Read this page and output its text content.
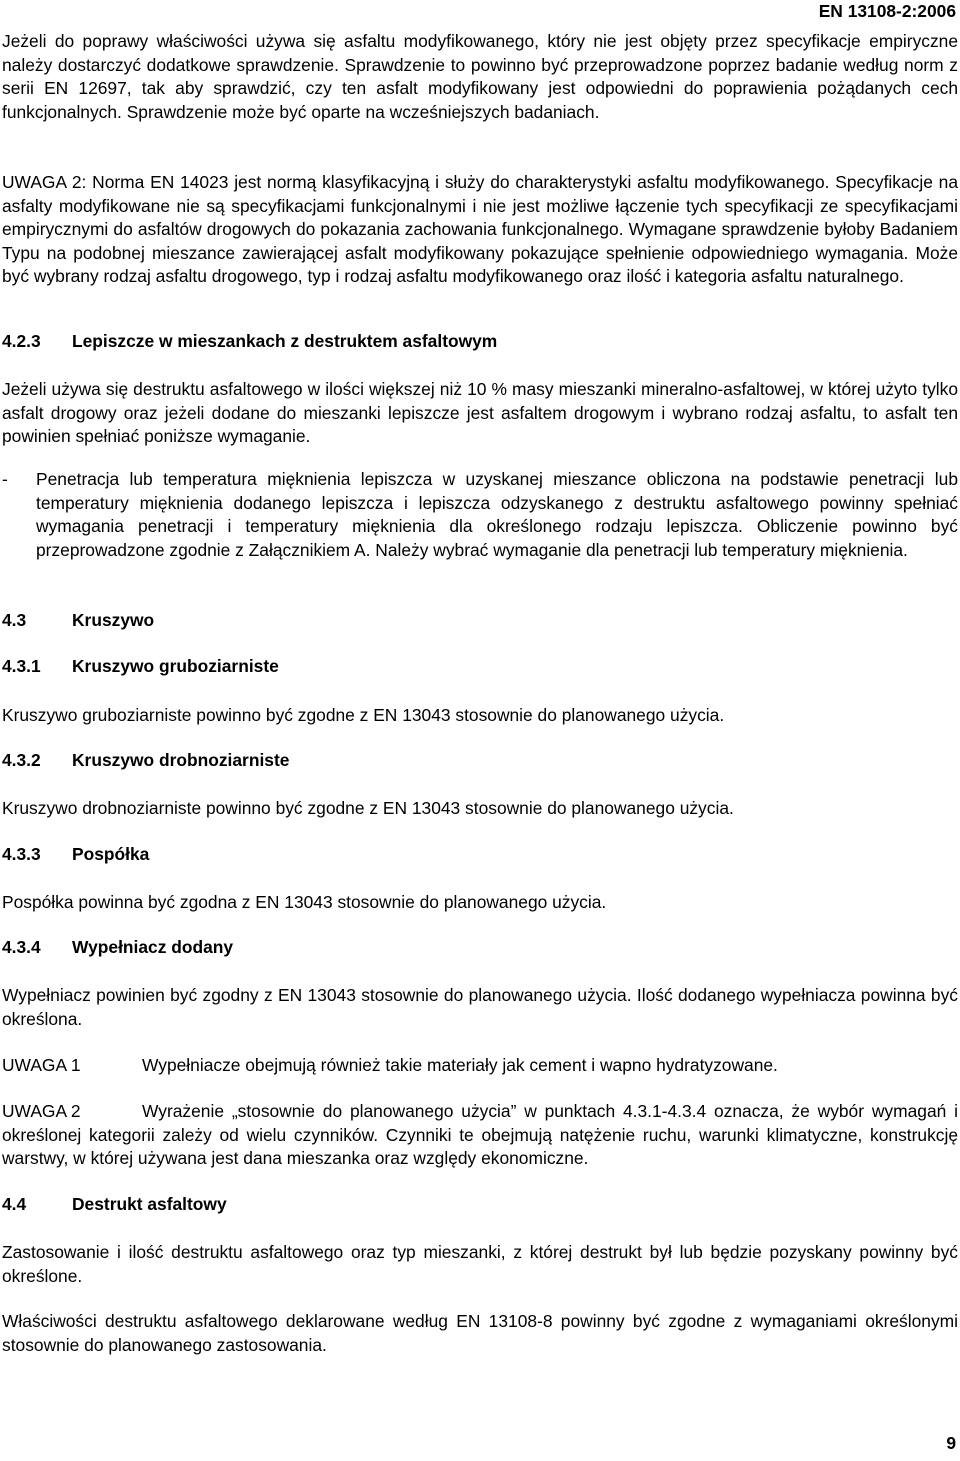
EN 13108-2:2006

Jeżeli do poprawy właściwości używa się asfaltu modyfikowanego, który nie jest objęty przez specyfikacje empiryczne należy dostarczyć dodatkowe sprawdzenie. Sprawdzenie to powinno być przeprowadzone poprzez badanie według norm z serii EN 12697, tak aby sprawdzić, czy ten asfalt modyfikowany jest odpowiedni do poprawienia pożądanych cech funkcjonalnych. Sprawdzenie może być oparte na wcześniejszych badaniach.

UWAGA 2: Norma EN 14023 jest normą klasyfikacyjną i służy do charakterystyki asfaltu modyfikowanego. Specyfikacje na asfalty modyfikowane nie są specyfikacjami funkcjonalnymi i nie jest możliwe łączenie tych specyfikacji ze specyfikacjami empirycznymi do asfaltów drogowych do pokazania zachowania funkcjonalnego. Wymagane sprawdzenie byłoby Badaniem Typu na podobnej mieszance zawierającej asfalt modyfikowany pokazujące spełnienie odpowiedniego wymagania. Może być wybrany rodzaj asfaltu drogowego, typ i rodzaj asfaltu modyfikowanego oraz ilość i kategoria asfaltu naturalnego.

4.2.3 Lepiszcze w mieszankach z destruktem asfaltowym

Jeżeli używa się destruktu asfaltowego w ilości większej niż 10 % masy mieszanki mineralno-asfaltowej, w której użyto tylko asfalt drogowy oraz jeżeli dodane do mieszanki lepiszcze jest asfaltem drogowym i wybrano rodzaj asfaltu, to asfalt ten powinien spełniać poniższe wymaganie.

- Penetracja lub temperatura mięknienia lepiszcza w uzyskanej mieszance obliczona na podstawie penetracji lub temperatury mięknienia dodanego lepiszcza i lepiszcza odzyskanego z destruktu asfaltowego powinny spełniać wymagania penetracji i temperatury mięknienia dla określonego rodzaju lepiszcza. Obliczenie powinno być przeprowadzone zgodnie z Załącznikiem A. Należy wybrać wymaganie dla penetracji lub temperatury mięknienia.

4.3	Kruszywo
4.3.1 Kruszywo gruboziarniste

Kruszywo gruboziarniste powinno być zgodne z EN 13043 stosownie do planowanego użycia.

4.3.2 Kruszywo drobnoziarniste

Kruszywo drobnoziarniste powinno być zgodne z EN 13043 stosownie do planowanego użycia.

4.3.3 Pospółka

Pospółka powinna być zgodna z EN 13043 stosownie do planowanego użycia.

4.3.4 Wypełniacz dodany

Wypełniacz powinien być zgodny z EN 13043 stosownie do planowanego użycia. Ilość dodanego wypełniacza powinna być określona.

UWAGA 1	Wypełniacze obejmują również takie materiały jak cement i wapno hydratyzowane.

UWAGA 2	Wyrażenie „stosownie do planowanego użycia” w punktach 4.3.1-4.3.4 oznacza, że wybór wymagań i określonej kategorii zależy od wielu czynników. Czynniki te obejmują natężenie ruchu, warunki klimatyczne, konstrukcję warstwy, w której używana jest dana mieszanka oraz względy ekonomiczne.

4.4	Destrukt asfaltowy

Zastosowanie i ilość destruktu asfaltowego oraz typ mieszanki, z której destrukt był lub będzie pozyskany powinny być określone.

Właściwości destruktu asfaltowego deklarowane według EN 13108-8 powinny być zgodne z wymaganiami określonymi stosownie do planowanego zastosowania.

9
